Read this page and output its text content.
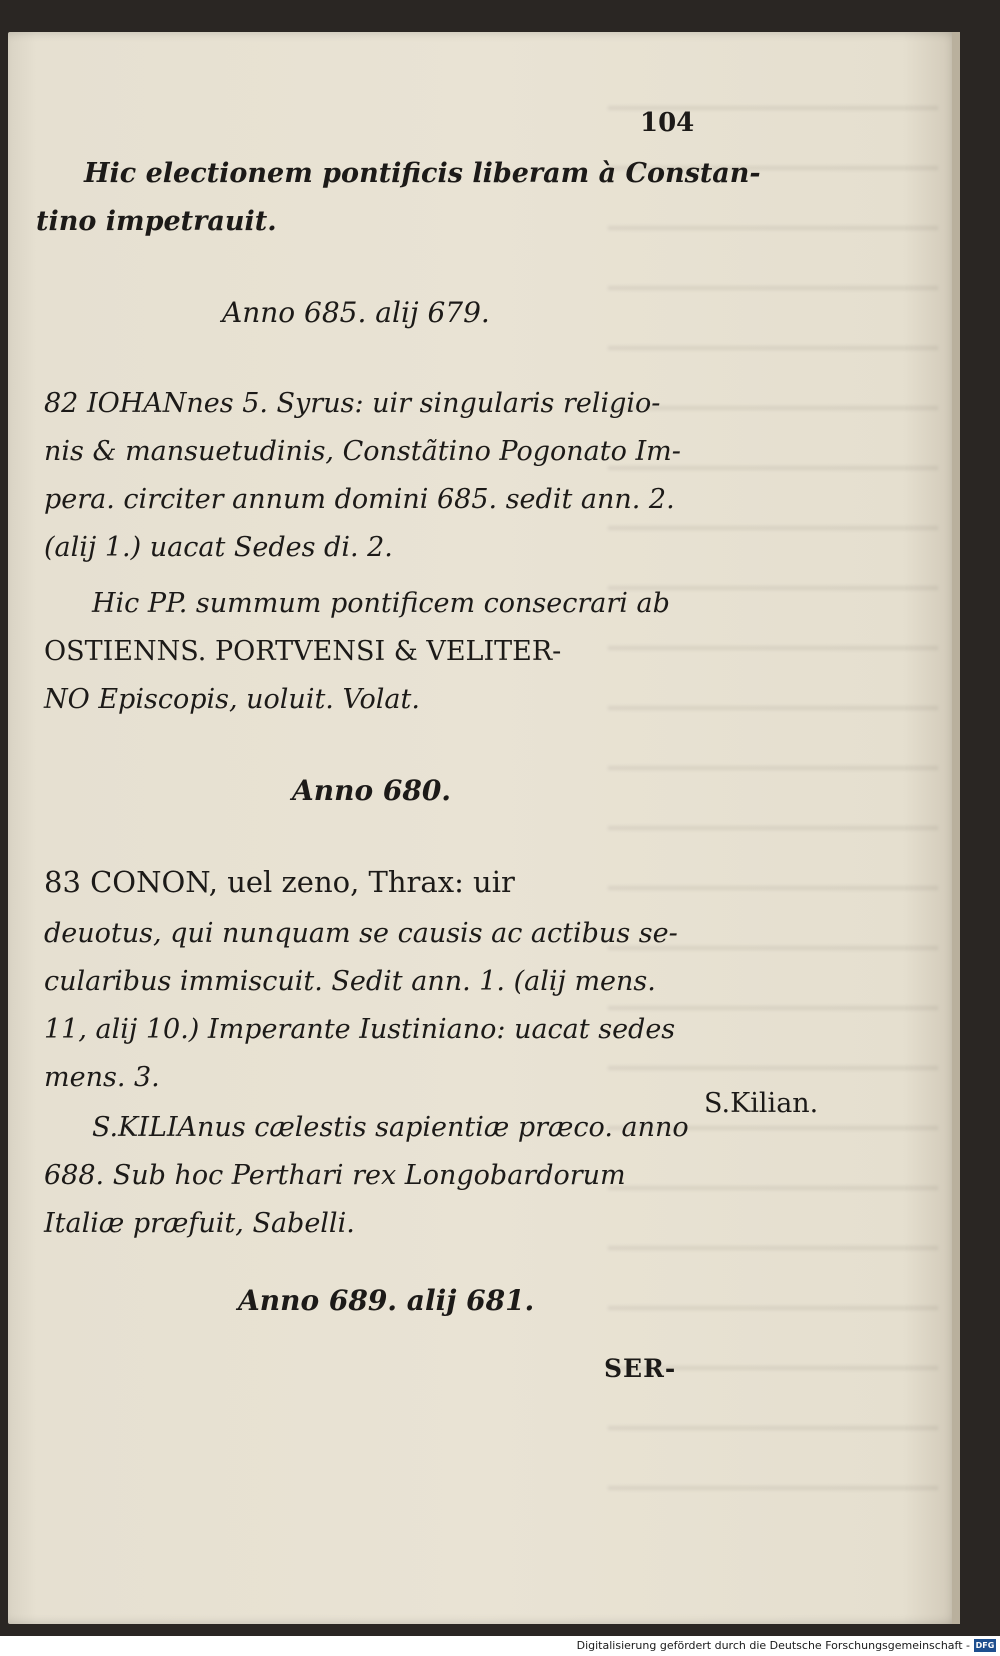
104
Hic electionem pontificis liberam à Constan-
tino impetrauit.
Anno 685. alij 679.
82 IOHANnes 5. Syrus: uir singularis religio-
nis & mansuetudinis, Constãtino Pogonato Im-
pera. circiter annum domini 685. sedit ann. 2.
(alij 1.) uacat Sedes di. 2.
Hic PP. summum pontificem consecrari ab
OSTIENNS. PORTVENSI & VELITER-
NO Episcopis, uoluit. Volat.
Anno 680.
83 CONON, uel zeno, Thrax: uir
deuotus, qui nunquam se causis ac actibus se-
cularibus immiscuit. Sedit ann. 1. (alij mens.
11, alij 10.) Imperante Iustiniano: uacat sedes
mens. 3.
S.KILIAnus cælestis sapientiæ præco. anno
688. Sub hoc Perthari rex Longobardorum
Italiæ præfuit, Sabelli.
Anno 689. alij 681.
S.Kilian.
SER-
Digitalisierung gefördert durch die Deutsche Forschungsgemeinschaft - DFG
